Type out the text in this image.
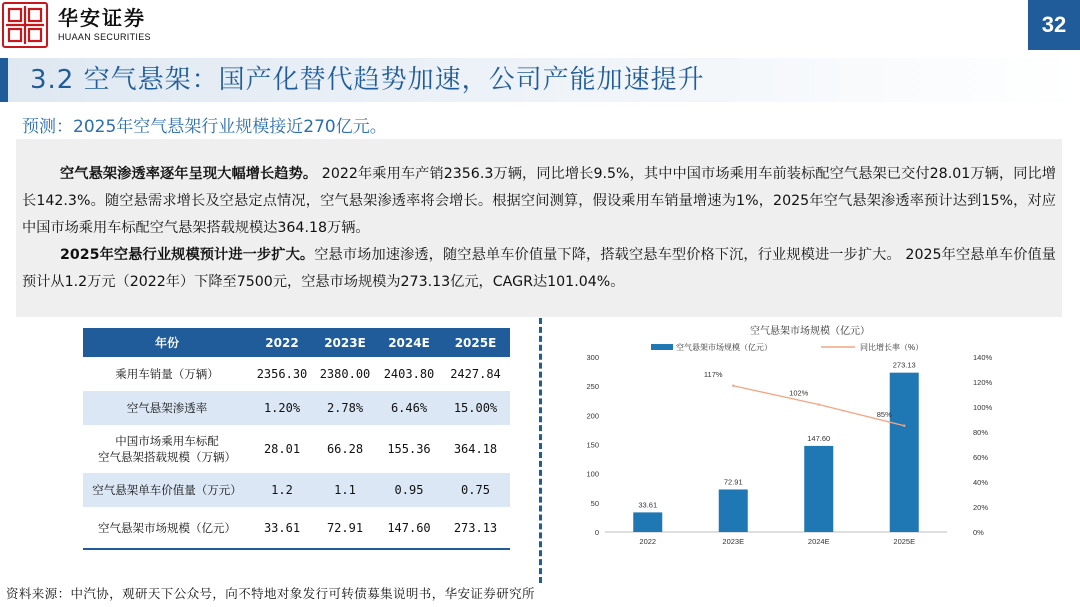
华安证券
HUAAN SECURITIES	32
3.2 空气悬架：国产化替代趋势加速，公司产能加速提升
预测：2025年空气悬架行业规模接近270亿元。

空气悬架渗透率逐年呈现大幅增长趋势。 2022年乘用车产销2356.3万辆，同比增长9.5%，其中中国市场乘用车前装标配空气悬架已交付28.01万辆，同比增长142.3%。随空悬需求增长及空悬定点情况，空气悬架渗透率将会增长。根据空间测算，假设乘用车销量增速为1%，2025年空气悬架渗透率预计达到15%，对应中国市场乘用车标配空气悬架搭载规模达364.18万辆。

2025年空悬行业规模预计进一步扩大。空悬市场加速渗透，随空悬单车价值量下降，搭载空悬车型价格下沉，行业规模进一步扩大。 2025年空悬单车价值量预计从1.2万元（2022年）下降至7500元，空悬市场规模为273.13亿元，CAGR达101.04%。

年份	2022	2023E	2024E	2025E
乘用车销量（万辆）	2356.30	2380.00	2403.80	2427.84
空气悬架渗透率	1.20%	2.78%	6.46%	15.00%
中国市场乘用车标配
空气悬架搭载规模（万辆）	28.01	66.28	155.36	364.18
空气悬架单车价值量（万元）	1.2	1.1	0.95	0.75
空气悬架市场规模（亿元）	33.61	72.91	147.60	273.13
空气悬架市场规模（亿元）
空气悬架市场规模（亿元）	同比增长率（%）
0
50
100
150
200
250
300
0%
20%
40%
60%
80%
100%
120%
140%
2022	2023E	2024E	2025E
33.61
72.91
147.60
273.13
117%
102%
85%
资料来源：中汽协，观研天下公众号，向不特地对象发行可转债募集说明书，华安证券研究所
